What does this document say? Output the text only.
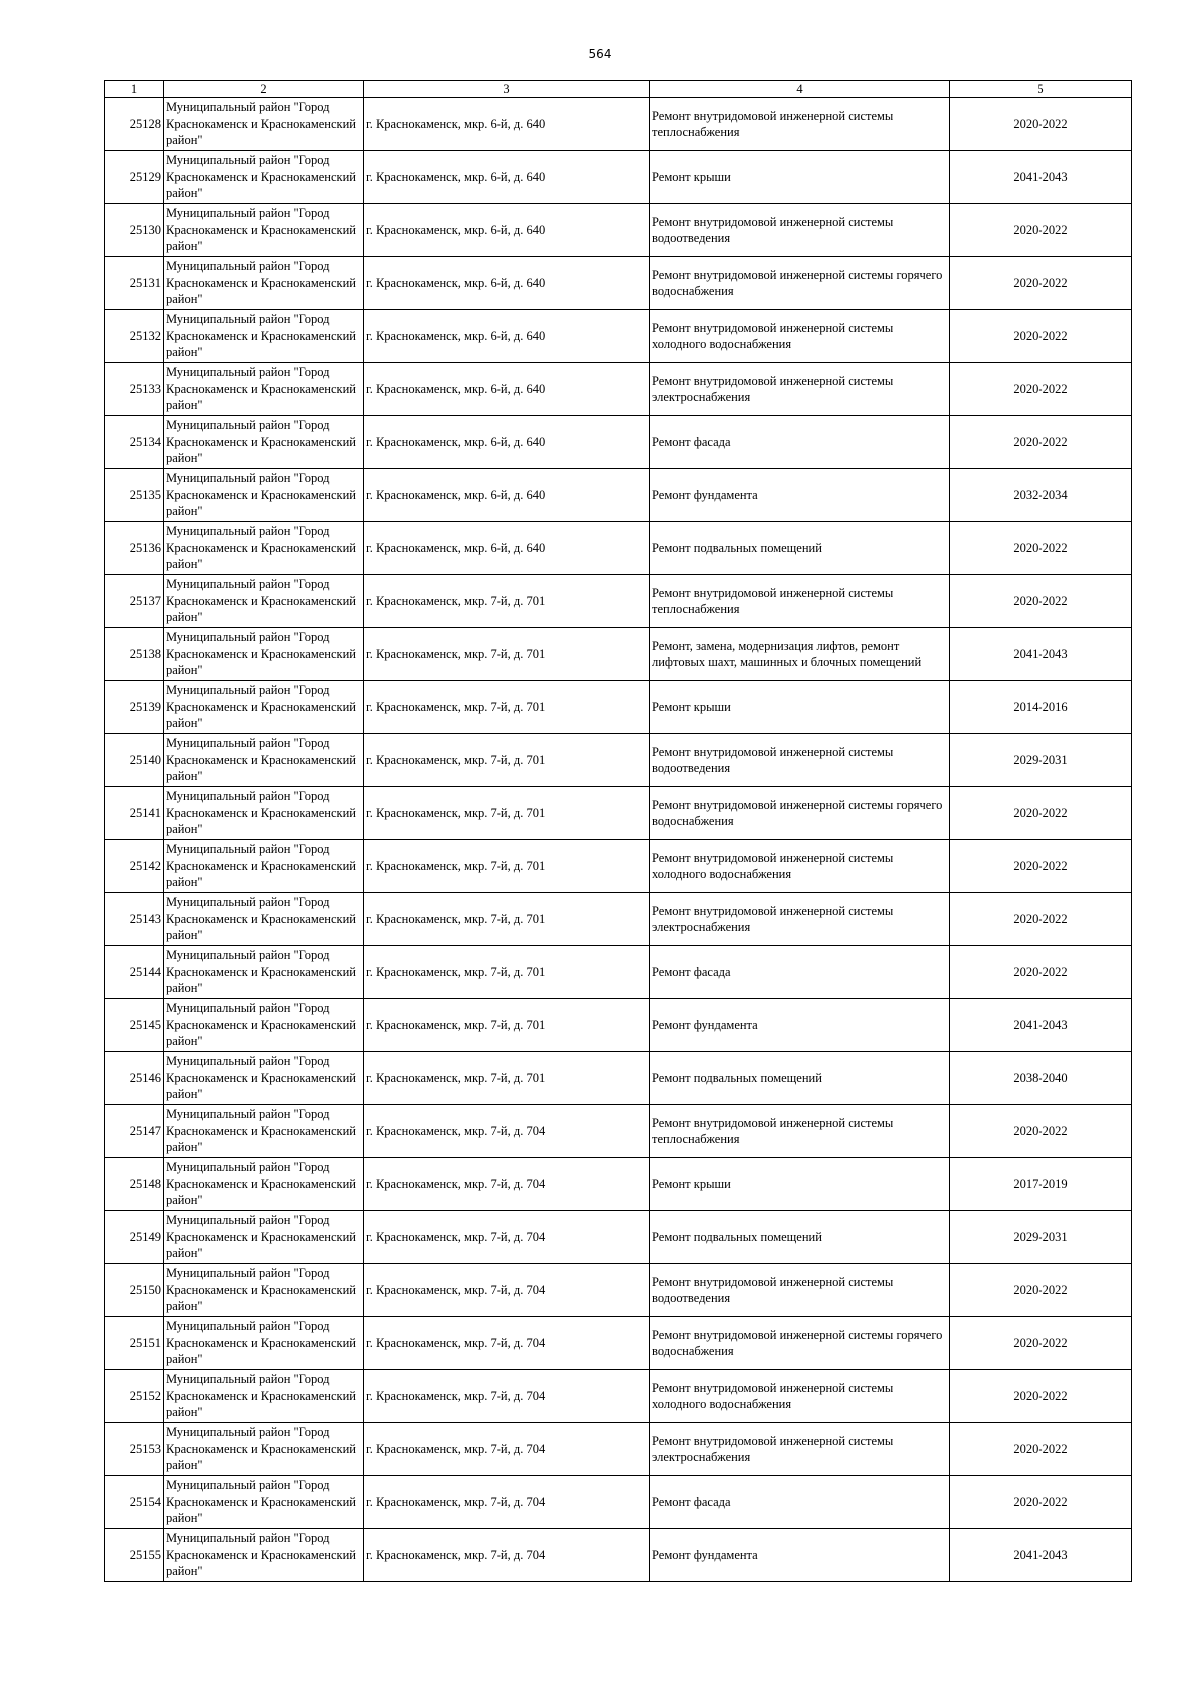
564
1	2	3	4	5
25128	Муниципальный район "Город Краснокаменск и Краснокаменский район"	г. Краснокаменск, мкр. 6-й, д. 640	Ремонт внутридомовой инженерной системы теплоснабжения	2020-2022
25129	Муниципальный район "Город Краснокаменск и Краснокаменский район"	г. Краснокаменск, мкр. 6-й, д. 640	Ремонт крыши	2041-2043
25130	Муниципальный район "Город Краснокаменск и Краснокаменский район"	г. Краснокаменск, мкр. 6-й, д. 640	Ремонт внутридомовой инженерной системы водоотведения	2020-2022
25131	Муниципальный район "Город Краснокаменск и Краснокаменский район"	г. Краснокаменск, мкр. 6-й, д. 640	Ремонт внутридомовой инженерной системы горячего водоснабжения	2020-2022
25132	Муниципальный район "Город Краснокаменск и Краснокаменский район"	г. Краснокаменск, мкр. 6-й, д. 640	Ремонт внутридомовой инженерной системы холодного водоснабжения	2020-2022
25133	Муниципальный район "Город Краснокаменск и Краснокаменский район"	г. Краснокаменск, мкр. 6-й, д. 640	Ремонт внутридомовой инженерной системы электроснабжения	2020-2022
25134	Муниципальный район "Город Краснокаменск и Краснокаменский район"	г. Краснокаменск, мкр. 6-й, д. 640	Ремонт фасада	2020-2022
25135	Муниципальный район "Город Краснокаменск и Краснокаменский район"	г. Краснокаменск, мкр. 6-й, д. 640	Ремонт фундамента	2032-2034
25136	Муниципальный район "Город Краснокаменск и Краснокаменский район"	г. Краснокаменск, мкр. 6-й, д. 640	Ремонт подвальных помещений	2020-2022
25137	Муниципальный район "Город Краснокаменск и Краснокаменский район"	г. Краснокаменск, мкр. 7-й, д. 701	Ремонт внутридомовой инженерной системы теплоснабжения	2020-2022
25138	Муниципальный район "Город Краснокаменск и Краснокаменский район"	г. Краснокаменск, мкр. 7-й, д. 701	Ремонт, замена, модернизация лифтов, ремонт лифтовых шахт, машинных и блочных помещений	2041-2043
25139	Муниципальный район "Город Краснокаменск и Краснокаменский район"	г. Краснокаменск, мкр. 7-й, д. 701	Ремонт крыши	2014-2016
25140	Муниципальный район "Город Краснокаменск и Краснокаменский район"	г. Краснокаменск, мкр. 7-й, д. 701	Ремонт внутридомовой инженерной системы водоотведения	2029-2031
25141	Муниципальный район "Город Краснокаменск и Краснокаменский район"	г. Краснокаменск, мкр. 7-й, д. 701	Ремонт внутридомовой инженерной системы горячего водоснабжения	2020-2022
25142	Муниципальный район "Город Краснокаменск и Краснокаменский район"	г. Краснокаменск, мкр. 7-й, д. 701	Ремонт внутридомовой инженерной системы холодного водоснабжения	2020-2022
25143	Муниципальный район "Город Краснокаменск и Краснокаменский район"	г. Краснокаменск, мкр. 7-й, д. 701	Ремонт внутридомовой инженерной системы электроснабжения	2020-2022
25144	Муниципальный район "Город Краснокаменск и Краснокаменский район"	г. Краснокаменск, мкр. 7-й, д. 701	Ремонт фасада	2020-2022
25145	Муниципальный район "Город Краснокаменск и Краснокаменский район"	г. Краснокаменск, мкр. 7-й, д. 701	Ремонт фундамента	2041-2043
25146	Муниципальный район "Город Краснокаменск и Краснокаменский район"	г. Краснокаменск, мкр. 7-й, д. 701	Ремонт подвальных помещений	2038-2040
25147	Муниципальный район "Город Краснокаменск и Краснокаменский район"	г. Краснокаменск, мкр. 7-й, д. 704	Ремонт внутридомовой инженерной системы теплоснабжения	2020-2022
25148	Муниципальный район "Город Краснокаменск и Краснокаменский район"	г. Краснокаменск, мкр. 7-й, д. 704	Ремонт крыши	2017-2019
25149	Муниципальный район "Город Краснокаменск и Краснокаменский район"	г. Краснокаменск, мкр. 7-й, д. 704	Ремонт подвальных помещений	2029-2031
25150	Муниципальный район "Город Краснокаменск и Краснокаменский район"	г. Краснокаменск, мкр. 7-й, д. 704	Ремонт внутридомовой инженерной системы водоотведения	2020-2022
25151	Муниципальный район "Город Краснокаменск и Краснокаменский район"	г. Краснокаменск, мкр. 7-й, д. 704	Ремонт внутридомовой инженерной системы горячего водоснабжения	2020-2022
25152	Муниципальный район "Город Краснокаменск и Краснокаменский район"	г. Краснокаменск, мкр. 7-й, д. 704	Ремонт внутридомовой инженерной системы холодного водоснабжения	2020-2022
25153	Муниципальный район "Город Краснокаменск и Краснокаменский район"	г. Краснокаменск, мкр. 7-й, д. 704	Ремонт внутридомовой инженерной системы электроснабжения	2020-2022
25154	Муниципальный район "Город Краснокаменск и Краснокаменский район"	г. Краснокаменск, мкр. 7-й, д. 704	Ремонт фасада	2020-2022
25155	Муниципальный район "Город Краснокаменск и Краснокаменский район"	г. Краснокаменск, мкр. 7-й, д. 704	Ремонт фундамента	2041-2043
